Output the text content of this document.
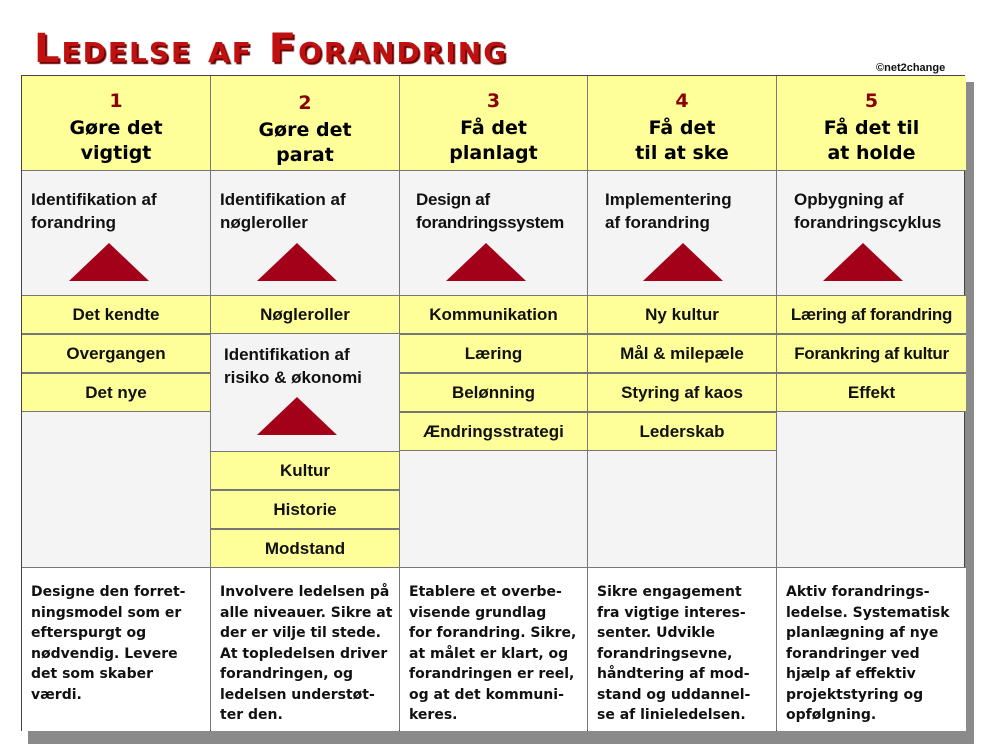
Ledelse af Forandring	©net2change
1
Gøre det
vigtigt
Identifikation af
forandring
Det kendte
Overgangen
Det nye
Designe den forret-
ningsmodel som er
efterspurgt og
nødvendig. Levere
det som skaber
værdi.
2
Gøre det
parat
Identifikation af
nøgleroller
Nøgleroller
Identifikation af
risiko & økonomi
Kultur
Historie
Modstand
Involvere ledelsen på
alle niveauer. Sikre at
der er vilje til stede.
At topledelsen driver
forandringen, og
ledelsen understøt-
ter den.
3
Få det
planlagt
Design af
forandringssystem
Kommunikation
Læring
Belønning
Ændringsstrategi
Etablere et overbe-
visende grundlag
for forandring. Sikre,
at målet er klart, og
forandringen er reel,
og at det kommuni-
keres.
4
Få det
til at ske
Implementering
af forandring
Ny kultur
Mål & milepæle
Styring af kaos
Lederskab
Sikre engagement
fra vigtige interes-
senter. Udvikle
forandringsevne,
håndtering af mod-
stand og uddannel-
se af linieledelsen.
5
Få det til
at holde
Opbygning af
forandringscyklus
Læring af forandring
Forankring af kultur
Effekt
Aktiv forandrings-
ledelse. Systematisk
planlægning af nye
forandringer ved
hjælp af effektiv
projektstyring og
opfølgning.
